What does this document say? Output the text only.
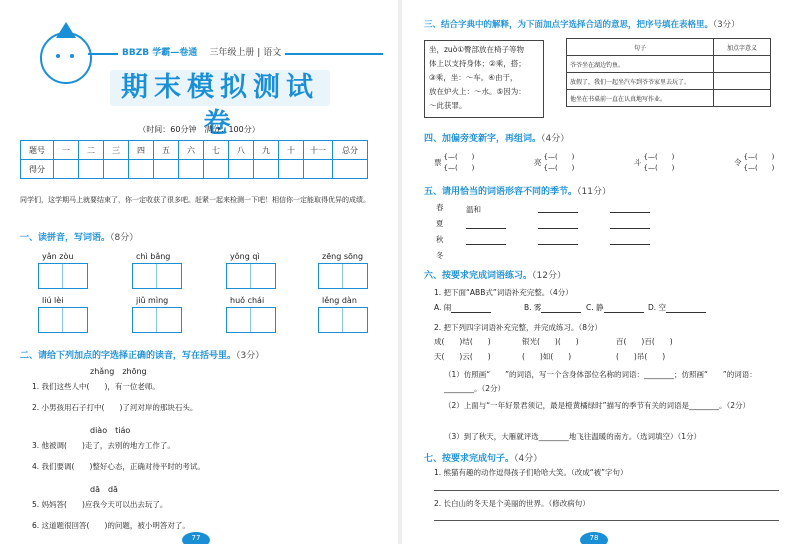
BBZB 学霸—卷通 　 三年级上册 | 语文
期末模拟测试卷
（时间：60分钟　满分：100分）
题号	一	二	三	四	五	六	七	八	九	十	十一	总分
得分												
同学们，这学期马上就要结束了，你一定收获了很多吧。赶紧一起来检测一下吧！相信你一定能取得优异的成绩。
一、读拼音，写词语。（8分）
yǎn zòu	chì bǎng	yǒng qì	zēng sōng
liú lèi	jiǔ mìng	huǒ chái	lěng dàn
二、请给下列加点的字选择正确的读音，写在括号里。（3分）
zhǎng　zhōng
1. 我们这些人中(　　)，有一位老师。
2. 小男孩用石子打中(　　)了河对岸的那块石头。
diào　tiáo
3. 他被调(　　)走了，去别的地方工作了。
4. 我们要调(　　)整好心态，正确对待平时的考试。
dā　dā
5. 妈妈答(　　)应我今天可以出去玩了。
6. 这道题很回答(　　)的问题，被小明答对了。
77
三、结合字典中的解释，为下面加点字选择合适的意思，把序号填在表格里。（3分）
坐，zuò①臀部放在椅子等物
体上以支持身体；②乘，搭；
③乘，坐：～车。④由于，
放在炉火上：～水。⑤因为：
～此获罪。
句子	加点字意义
爷爷坐在湖边钓鱼。	
放假了，我们一起坐汽车到爷爷家里去玩了。	
他坐在书桌前一直在认真地写作业。	
四、加偏旁变新字，再组词。（4分）
票{—(　　)
{—(　　)
亮{—(　　)
{—(　　)
斗{—(　　)
{—(　　)
令{—(　　)
{—(　　)
五、请用恰当的词语形容不同的季节。（11分）
春	温和
夏
秋
冬
六、按要求完成词语练习。（12分）
1. 把下面“ABB式”词语补充完整。（4分）
A. 闹	B. 雾	C. 静	D. 空
2. 把下列四字词语补充完整，并完成练习。（8分）
成(　　)结(　　)	银光(　　)(　　)	百(　　)百(　　)
天(　　)云(　　)	(　　)如(　　)	(　　)吊(　　)
（1）仿照画“　　”的词语，写一个含身体部位名称的词语：________；仿照画“　　”的词语：________。（2分）
（2）上面与“一年好景君须记，最是橙黄橘绿时”描写的季节有关的词语是________。（2分）
（3）到了秋天，大雁就评选________地飞往温暖的南方。（选词填空）（1分）
七、按要求完成句子。（4分）
1. 熊猫有趣的动作逗得孩子们哈哈大笑。（改成“被”字句）
2. 长白山的冬天是个美丽的世界。（修改病句）
78
